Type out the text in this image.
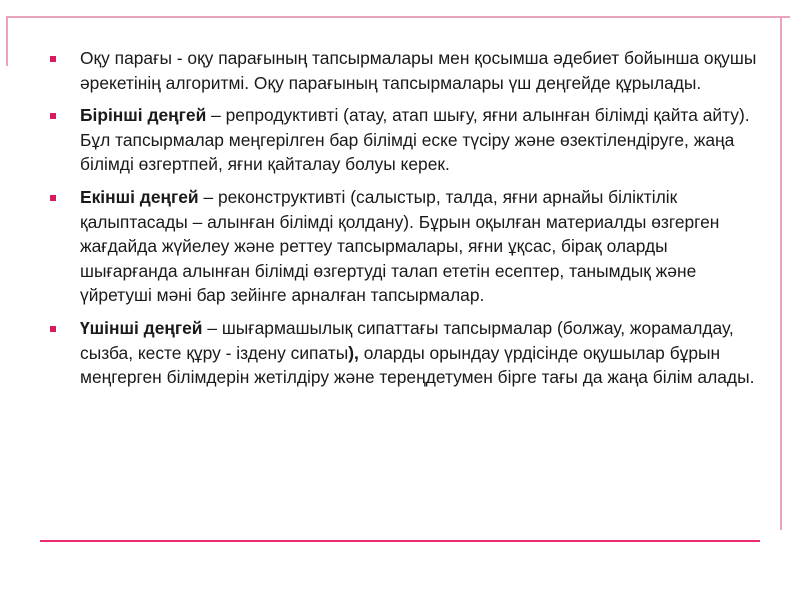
Оқу парағы - оқу парағының тапсырмалары мен қосымша әдебиет бойынша оқушы әрекетінің алгоритмі. Оқу парағының тапсырмалары үш деңгейде құрылады.
Бірінші деңгей – репродуктивті (атау, атап шығу, яғни алынған білімді қайта айту). Бұл тапсырмалар меңгерілген бар білімді еске түсіру және өзектілендіруге, жаңа білімді өзгертпей, яғни қайталау болуы керек.
Екінші деңгей – реконструктивті (салыстыр, талда, яғни арнайы біліктілік қалыптасады – алынған білімді қолдану). Бұрын оқылған материалды өзгерген жағдайда жүйелеу және реттеу тапсырмалары, яғни ұқсас, бірақ оларды шығарғанда алынған білімді өзгертуді талап ететін есептер, танымдық және үйретуші мәні бар зейінге арналған тапсырмалар.
Үшінші деңгей – шығармашылық сипаттағы тапсырмалар (болжау, жорамалдау, сызба, кесте құру - іздену сипаты), оларды орындау үрдісінде оқушылар бұрын меңгерген білімдерін жетілдіру және тереңдетумен бірге тағы да жаңа білім алады.
